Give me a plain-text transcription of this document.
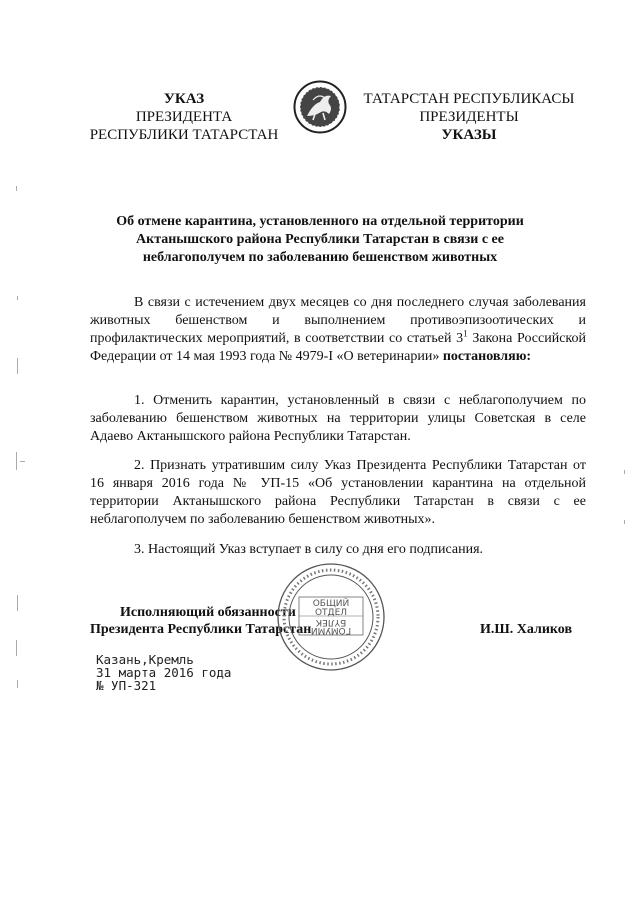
УКАЗ
ПРЕЗИДЕНТА
РЕСПУБЛИКИ ТАТАРСТАН
ТАТАРСТАН РЕСПУБЛИКАСЫ
ПРЕЗИДЕНТЫ
УКАЗЫ
Об отмене карантина, установленного на отдельной территории Актанышского района Республики Татарстан в связи с ее неблагополучем по заболеванию бешенством животных
В связи с истечением двух месяцев со дня последнего случая заболевания животных бешенством и выполнением противоэпизоотических и профилактических мероприятий, в соответствии со статьей $3^1$ Закона Российской Федерации от 14 мая 1993 года № 4979-I «О ветеринарии» постановляю:
1. Отменить карантин, установленный в связи с неблагополучием по заболеванию бешенством животных на территории улицы Советская в селе Адаево Актанышского района Республики Татарстан.
2. Признать утратившим силу Указ Президента Республики Татарстан от 16 января 2016 года № УП-15 «Об установлении карантина на отдельной территории Актанышского района Республики Татарстан в связи с ее неблагополучем по заболеванию бешенством животных».
3. Настоящий Указ вступает в силу со дня его подписания.
Исполняющий обязанности
Президента Республики Татарстан	И.Ш. Халиков
ОБЩИЙ
ОТДЕЛ
БҮЛЕК
ГОМУМИ
Казань,Кремль
31 марта 2016 года
№ УП-321
